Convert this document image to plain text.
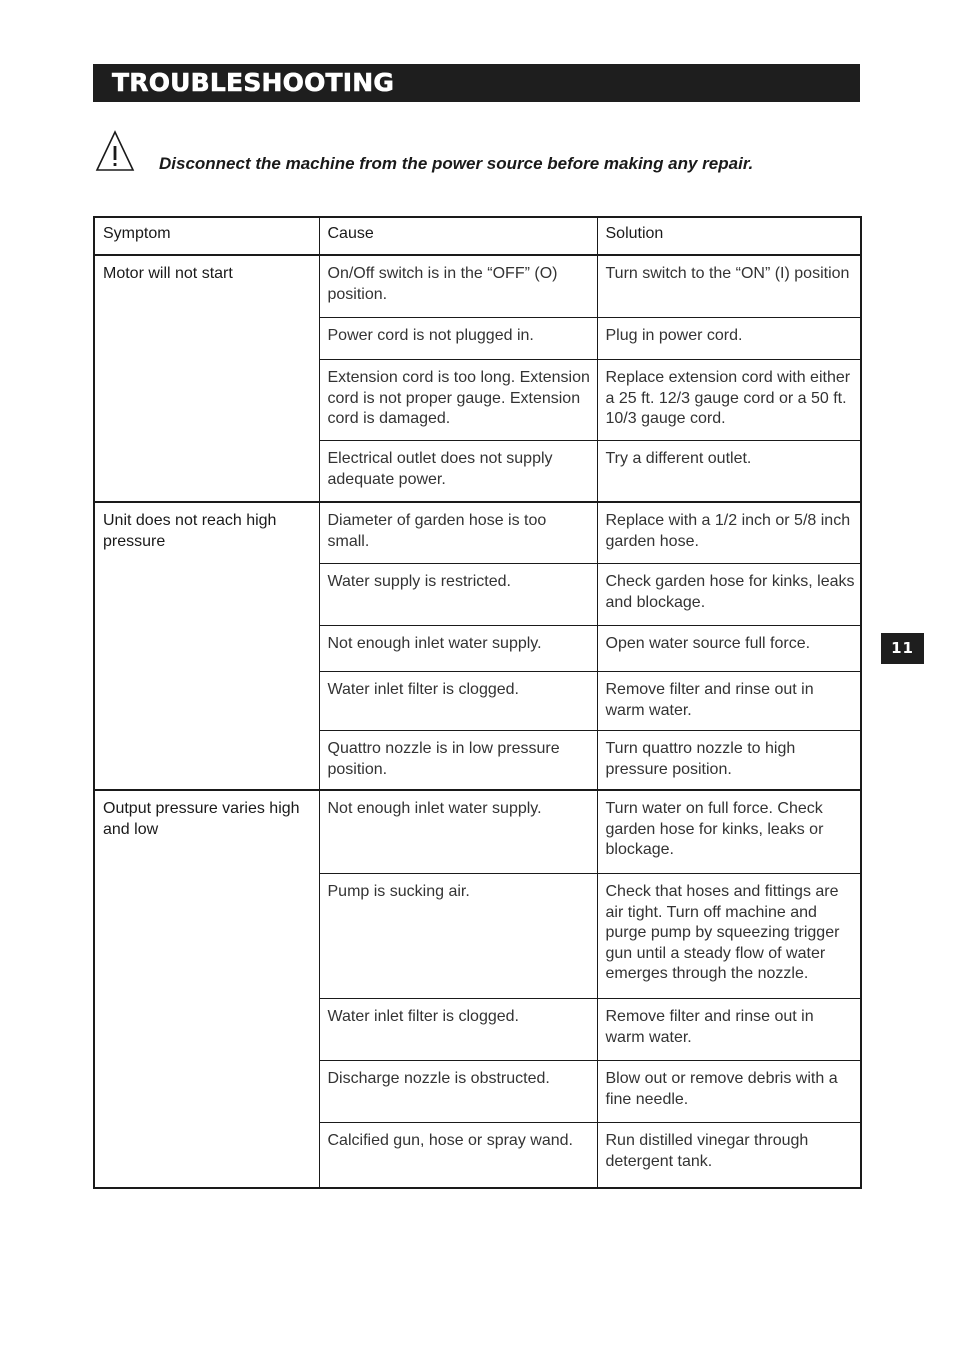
TROUBLESHOOTING
Disconnect the machine from the power source before making any repair.
Symptom	Cause	Solution
Motor will not start	On/Off switch is in the “OFF” (O) position.	Turn switch to the “ON” (I) position
	Power cord is not plugged in.	Plug in power cord.
	Extension cord is too long. Extension cord is not proper gauge. Extension cord is damaged.	Replace extension cord with either a 25 ft. 12/3 gauge cord or a 50 ft. 10/3 gauge cord.
	Electrical outlet does not supply adequate power.	Try a different outlet.
Unit does not reach high pressure	Diameter of garden hose is too small.	Replace with a 1/2 inch or 5/8 inch garden hose.
	Water supply is restricted.	Check garden hose for kinks, leaks and blockage.
	Not enough inlet water supply.	Open water source full force.
	Water inlet filter is clogged.	Remove filter and rinse out in warm water.
	Quattro nozzle is in low pressure position.	Turn quattro nozzle to high pressure position.
Output pressure varies high and low	Not enough inlet water supply.	Turn water on full force. Check garden hose for kinks, leaks or blockage.
	Pump is sucking air.	Check that hoses and fittings are air tight. Turn off machine and purge pump by squeezing trigger gun until a steady flow of water emerges through the nozzle.
	Water inlet filter is clogged.	Remove filter and rinse out in warm water.
	Discharge nozzle is obstructed.	Blow out or remove debris with a fine needle.
	Calcified gun, hose or spray wand.	Run distilled vinegar through detergent tank.
11
